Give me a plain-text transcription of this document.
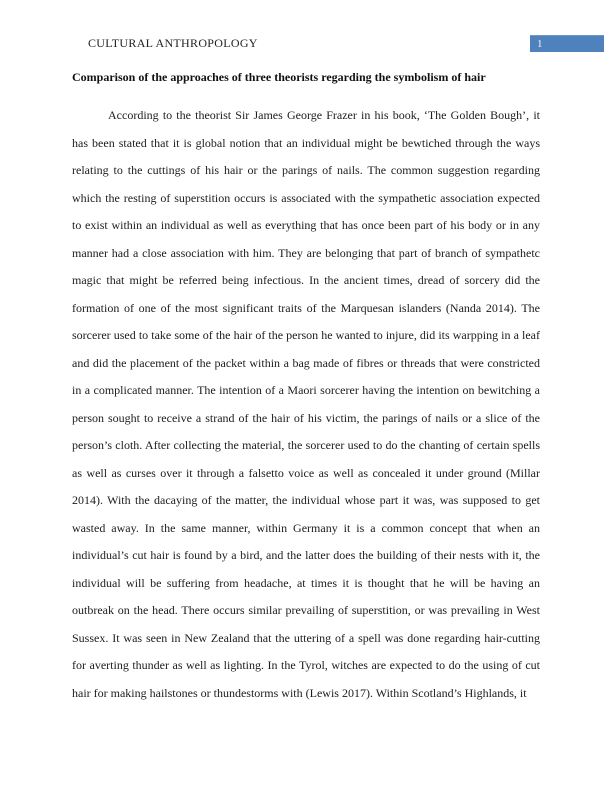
CULTURAL ANTHROPOLOGY	1
Comparison of the approaches of three theorists regarding the symbolism of hair

According to the theorist Sir James George Frazer in his book, ‘The Golden Bough’, it has been stated that it is global notion that an individual might be bewtiched through the ways relating to the cuttings of his hair or the parings of nails. The common suggestion regarding which the resting of superstition occurs is associated with the sympathetic association expected to exist within an individual as well as everything that has once been part of his body or in any manner had a close association with him. They are belonging that part of branch of sympathetc magic that might be referred being infectious. In the ancient times, dread of sorcery did the formation of one of the most significant traits of the Marquesan islanders (Nanda 2014). The sorcerer used to take some of the hair of the person he wanted to injure, did its warpping in a leaf and did the placement of the packet within a bag made of fibres or threads that were constricted in a complicated manner. The intention of a Maori sorcerer having the intention on bewitching a person sought to receive a strand of the hair of his victim, the parings of nails or a slice of the person’s cloth. After collecting the material, the sorcerer used to do the chanting of certain spells as well as curses over it through a falsetto voice as well as concealed it under ground (Millar 2014). With the dacaying of the matter, the individual whose part it was, was supposed to get wasted away. In the same manner, within Germany it is a common concept that when an individual’s cut hair is found by a bird, and the latter does the building of their nests with it, the individual will be suffering from headache, at times it is thought that he will be having an outbreak on the head. There occurs similar prevailing of superstition, or was prevailing in West Sussex. It was seen in New Zealand that the uttering of a spell was done regarding hair-cutting for averting thunder as well as lighting. In the Tyrol, witches are expected to do the using of cut hair for making hailstones or thundestorms with (Lewis 2017). Within Scotland’s Highlands, it
